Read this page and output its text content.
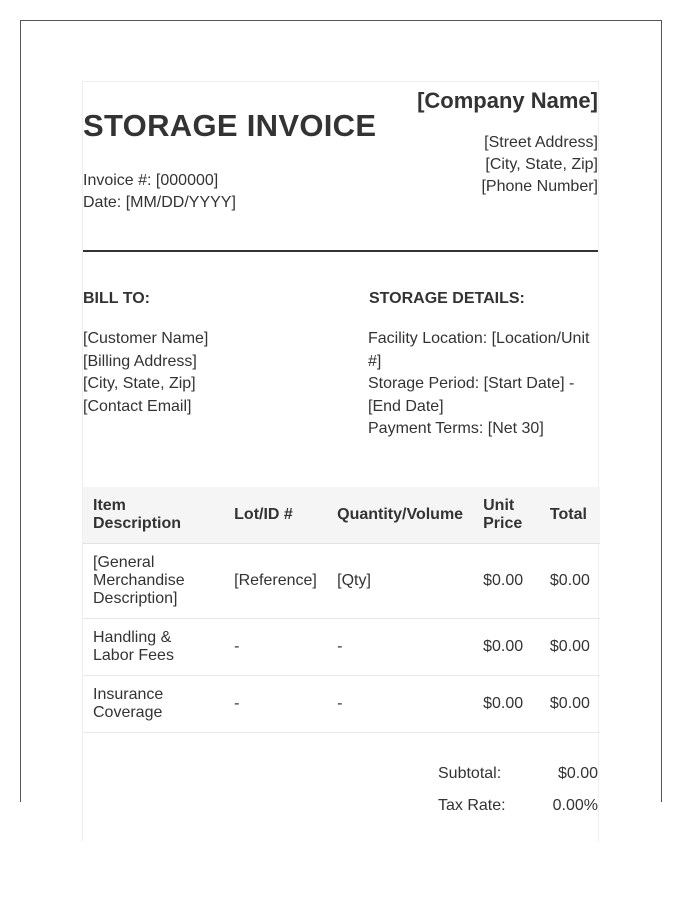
[Company Name]
STORAGE INVOICE	[Street Address]
[City, State, Zip]
[Phone Number]
Invoice #: [000000]
Date: [MM/DD/YYYY]
BILL TO:	STORAGE DETAILS:
[Customer Name]
[Billing Address]
[City, State, Zip]
[Contact Email]
Facility Location: [Location/Unit #]
Storage Period: [Start Date] - [End Date]
Payment Terms: [Net 30]
Item Description	Lot/ID #	Quantity/Volume	Unit Price	Total
[General Merchandise Description]	[Reference]	[Qty]	$0.00	$0.00
Handling & Labor Fees	-	-	$0.00	$0.00
Insurance Coverage	-	-	$0.00	$0.00
Subtotal:	$0.00
Tax Rate:	0.00%
